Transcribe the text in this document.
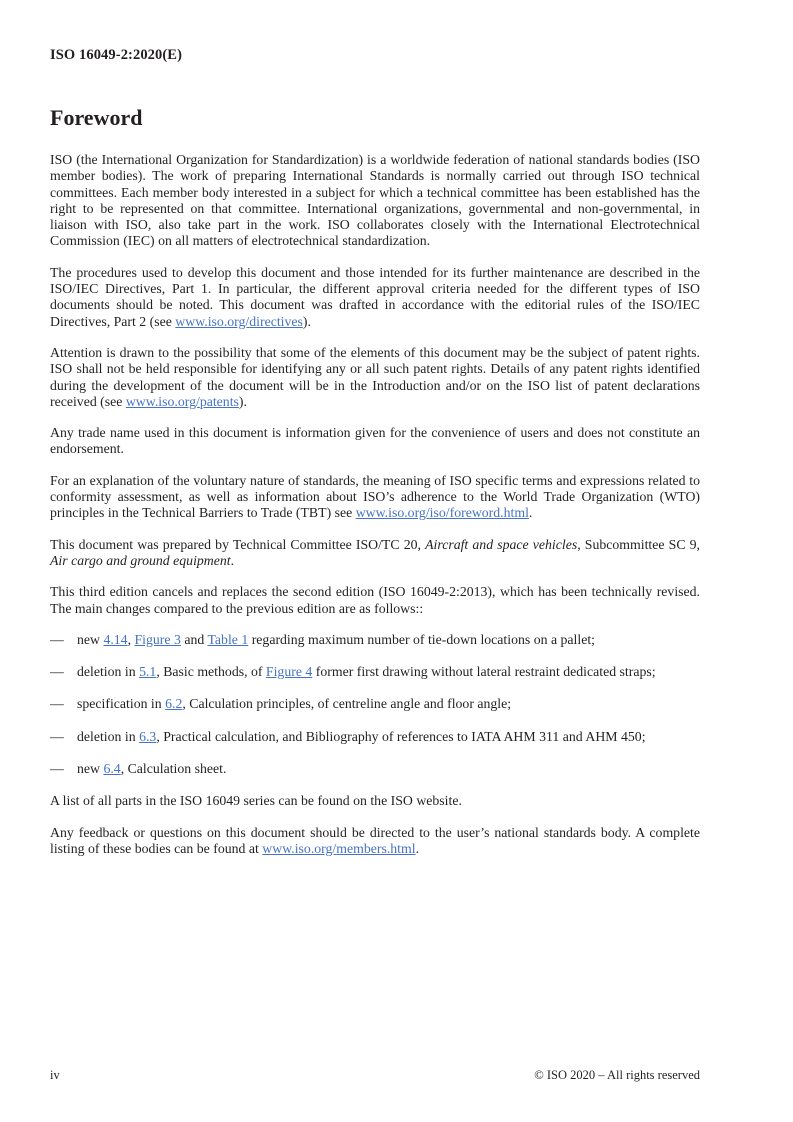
ISO 16049-2:2020(E)
Foreword

ISO (the International Organization for Standardization) is a worldwide federation of national standards bodies (ISO member bodies). The work of preparing International Standards is normally carried out through ISO technical committees. Each member body interested in a subject for which a technical committee has been established has the right to be represented on that committee. International organizations, governmental and non-governmental, in liaison with ISO, also take part in the work. ISO collaborates closely with the International Electrotechnical Commission (IEC) on all matters of electrotechnical standardization.

The procedures used to develop this document and those intended for its further maintenance are described in the ISO/IEC Directives, Part 1. In particular, the different approval criteria needed for the different types of ISO documents should be noted. This document was drafted in accordance with the editorial rules of the ISO/IEC Directives, Part 2 (see www.iso.org/directives).

Attention is drawn to the possibility that some of the elements of this document may be the subject of patent rights. ISO shall not be held responsible for identifying any or all such patent rights. Details of any patent rights identified during the development of the document will be in the Introduction and/or on the ISO list of patent declarations received (see www.iso.org/patents).

Any trade name used in this document is information given for the convenience of users and does not constitute an endorsement.

For an explanation of the voluntary nature of standards, the meaning of ISO specific terms and expressions related to conformity assessment, as well as information about ISO’s adherence to the World Trade Organization (WTO) principles in the Technical Barriers to Trade (TBT) see www.iso.org/iso/foreword.html.

This document was prepared by Technical Committee ISO/TC 20, Aircraft and space vehicles, Subcommittee SC 9, Air cargo and ground equipment.

This third edition cancels and replaces the second edition (ISO 16049-2:2013), which has been technically revised. The main changes compared to the previous edition are as follows::

— new 4.14, Figure 3 and Table 1 regarding maximum number of tie-down locations on a pallet;
— deletion in 5.1, Basic methods, of Figure 4 former first drawing without lateral restraint dedicated straps;
— specification in 6.2, Calculation principles, of centreline angle and floor angle;
— deletion in 6.3, Practical calculation, and Bibliography of references to IATA AHM 311 and AHM 450;
— new 6.4, Calculation sheet.

A list of all parts in the ISO 16049 series can be found on the ISO website.

Any feedback or questions on this document should be directed to the user’s national standards body. A complete listing of these bodies can be found at www.iso.org/members.html.

iv	© ISO 2020 – All rights reserved
